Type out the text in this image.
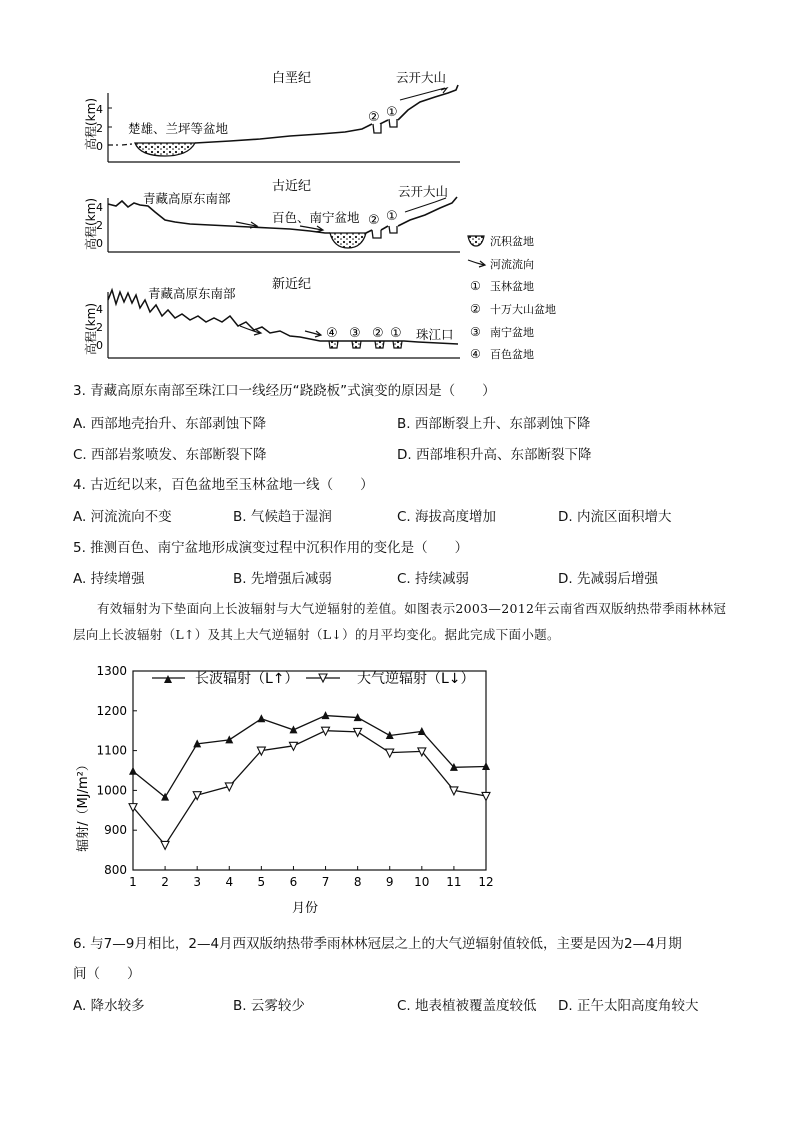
白垩纪
高程(km)
4
2
0
楚雄、兰坪等盆地
云开大山
② ①
古近纪
高程(km)
4
2
0
青藏高原东南部
百色、南宁盆地
云开大山
② ①
新近纪
高程(km)
4
2
0
青藏高原东南部
珠江口
④ ③ ② ①
沉积盆地
河流流向
① 玉林盆地
② 十万大山盆地
③ 南宁盆地
④ 百色盆地
3. 青藏高原东南部至珠江口一线经历“跷跷板”式演变的原因是（　　）
A. 西部地壳抬升、东部剥蚀下降	B. 西部断裂上升、东部剥蚀下降
C. 西部岩浆喷发、东部断裂下降	D. 西部堆积升高、东部断裂下降
4. 古近纪以来，百色盆地至玉林盆地一线（　　）
A. 河流流向不变	B. 气候趋于湿润	C. 海拔高度增加	D. 内流区面积增大
5. 推测百色、南宁盆地形成演变过程中沉积作用的变化是（　　）
A. 持续增强	B. 先增强后减弱	C. 持续减弱	D. 先减弱后增强
有效辐射为下垫面向上长波辐射与大气逆辐射的差值。如图表示2003—2012年云南省西双版纳热带季雨林林冠层向上长波辐射（L↑）及其上大气逆辐射（L↓）的月平均变化。据此完成下面小题。
长波辐射（L↑）	大气逆辐射（L↓）
辐射/（MJ/m²）
月份
800
900
1000
1100
1200
1300
1 2 3 4 5 6 7 8 9 10 11 12
6. 与7—9月相比，2—4月西双版纳热带季雨林林冠层之上的大气逆辐射值较低，主要是因为2—4月期
间（　　）
A. 降水较多	B. 云雾较少	C. 地表植被覆盖度较低 D. 正午太阳高度角较大
